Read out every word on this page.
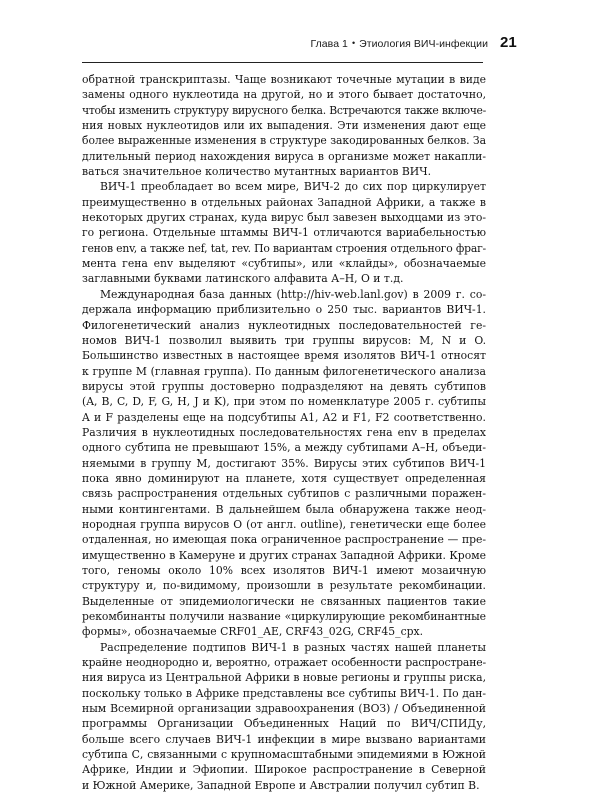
Глава 1 • Этиология ВИЧ-инфекции 21
обратной транскриптазы. Чаще возникают точечные мутации в виде
замены одного нуклеотида на другой, но и этого бывает достаточно,
чтобы изменить структуру вирусного белка. Встречаются также включе-
ния новых нуклеотидов или их выпадения. Эти изменения дают еще
более выраженные изменения в структуре закодированных белков. За
длительный период нахождения вируса в организме может накапли-
ваться значительное количество мутантных вариантов ВИЧ.
ВИЧ-1 преобладает во всем мире, ВИЧ-2 до сих пор циркулирует
преимущественно в отдельных районах Западной Африки, а также в
некоторых других странах, куда вирус был завезен выходцами из это-
го региона. Отдельные штаммы ВИЧ-1 отличаются вариабельностью
генов env, а также nef, tat, rev. По вариантам строения отдельного фраг-
мента гена env выделяют «субтипы», или «клайды», обозначаемые
заглавными буквами латинского алфавита А–Н, О и т.д.
Международная база данных (http://hiv-web.lanl.gov) в 2009 г. со-
держала информацию приблизительно о 250 тыс. вариантов ВИЧ-1.
Филогенетический анализ нуклеотидных последовательностей ге-
номов ВИЧ-1 позволил выявить три группы вирусов: M, N и O.
Большинство известных в настоящее время изолятов ВИЧ-1 относят
к группе M (главная группа). По данным филогенетического анализа
вирусы этой группы достоверно подразделяют на девять субтипов
(A, B, C, D, F, G, H, J и K), при этом по номенклатуре 2005 г. субтипы
A и F разделены еще на подсубтипы A1, A2 и F1, F2 соответственно.
Различия в нуклеотидных последовательностях гена env в пределах
одного субтипа не превышают 15%, а между субтипами А–Н, объеди-
няемыми в группу M, достигают 35%. Вирусы этих субтипов ВИЧ-1
пока явно доминируют на планете, хотя существует определенная
связь распространения отдельных субтипов с различными поражен-
ными контингентами. В дальнейшем была обнаружена также неод-
нородная группа вирусов O (от англ. outline), генетически еще более
отдаленная, но имеющая пока ограниченное распространение — пре-
имущественно в Камеруне и других странах Западной Африки. Кроме
того, геномы около 10% всех изолятов ВИЧ-1 имеют мозаичную
структуру и, по-видимому, произошли в результате рекомбинации.
Выделенные от эпидемиологически не связанных пациентов такие
рекомбинанты получили название «циркулирующие рекомбинантные
формы», обозначаемые CRF01_AE, CRF43_02G, CRF45_cpx.
Распределение подтипов ВИЧ-1 в разных частях нашей планеты
крайне неоднородно и, вероятно, отражает особенности распростране-
ния вируса из Центральной Африки в новые регионы и группы риска,
поскольку только в Африке представлены все субтипы ВИЧ-1. По дан-
ным Всемирной организации здравоохранения (ВОЗ) / Объединенной
программы Организации Объединенных Наций по ВИЧ/СПИДу,
больше всего случаев ВИЧ-1 инфекции в мире вызвано вариантами
субтипа С, связанными с крупномасштабными эпидемиями в Южной
Африке, Индии и Эфиопии. Широкое распространение в Северной
и Южной Америке, Западной Европе и Австралии получил субтип B.
